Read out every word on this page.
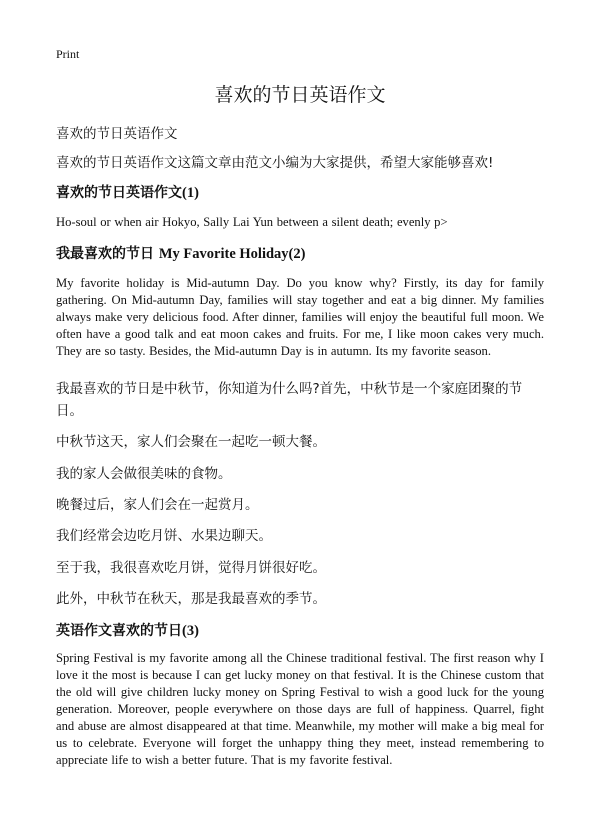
Print
喜欢的节日英语作文
喜欢的节日英语作文
喜欢的节日英语作文这篇文章由范文小编为大家提供，希望大家能够喜欢!
喜欢的节日英语作文(1)
Ho-soul or when air Hokyo, Sally Lai Yun between a silent death; evenly p>
我最喜欢的节日 My Favorite Holiday(2)
My favorite holiday is Mid-autumn Day. Do you know why? Firstly, its day for family gathering. On Mid-autumn Day, families will stay together and eat a big dinner. My families always make very delicious food. After dinner, families will enjoy the beautiful full moon. We often have a good talk and eat moon cakes and fruits. For me, I like moon cakes very much. They are so tasty. Besides, the Mid-autumn Day is in autumn. Its my favorite season.
我最喜欢的节日是中秋节，你知道为什么吗?首先，中秋节是一个家庭团聚的节日。
中秋节这天，家人们会聚在一起吃一顿大餐。
我的家人会做很美味的食物。
晚餐过后，家人们会在一起赏月。
我们经常会边吃月饼、水果边聊天。
至于我，我很喜欢吃月饼，觉得月饼很好吃。
此外，中秋节在秋天，那是我最喜欢的季节。
英语作文喜欢的节日(3)
Spring Festival is my favorite among all the Chinese traditional festival. The first reason why I love it the most is because I can get lucky money on that festival. It is the Chinese custom that the old will give children lucky money on Spring Festival to wish a good luck for the young generation. Moreover, people everywhere on those days are full of happiness. Quarrel, fight and abuse are almost disappeared at that time. Meanwhile, my mother will make a big meal for us to celebrate. Everyone will forget the unhappy thing they meet, instead remembering to appreciate life to wish a better future. That is my favorite festival.
